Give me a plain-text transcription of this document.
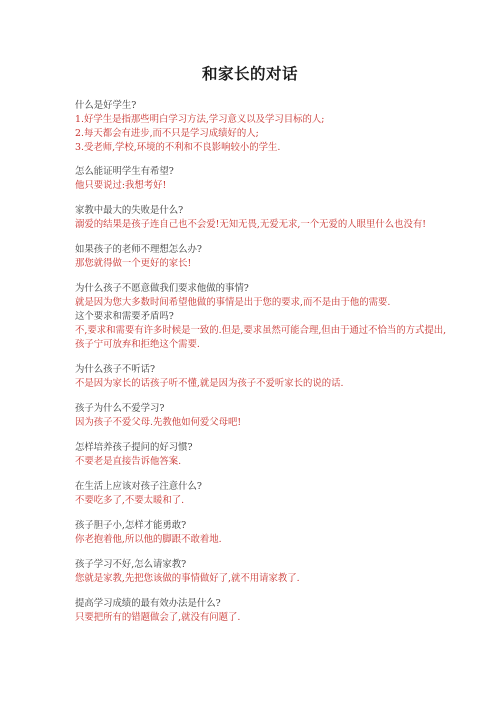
和家长的对话
什么是好学生?
1.好学生是指那些明白学习方法,学习意义以及学习目标的人;
2.每天都会有进步,而不只是学习成绩好的人;
3.受老师,学校,环境的不利和不良影响较小的学生.
怎么能证明学生有希望?
他只要说过:我想考好!
家教中最大的失败是什么?
溺爱的结果是孩子连自己也不会爱!无知无畏,无爱无求,一个无爱的人眼里什么也没有!
如果孩子的老师不理想怎么办?
那您就得做一个更好的家长!
为什么孩子不愿意做我们要求他做的事情?
就是因为您大多数时间希望他做的事情是出于您的要求,而不是由于他的需要.
这个要求和需要矛盾吗?
不,要求和需要有许多时候是一致的.但是,要求虽然可能合理,但由于通过不恰当的方式提出,
孩子宁可放弃和拒绝这个需要.
为什么孩子不听话?
不是因为家长的话孩子听不懂,就是因为孩子不爱听家长的说的话.
孩子为什么不爱学习?
因为孩子不爱父母.先教他如何爱父母吧!
怎样培养孩子提问的好习惯?
不要老是直接告诉他答案.
在生活上应该对孩子注意什么?
不要吃多了,不要太暖和了.
孩子胆子小,怎样才能勇敢?
你老抱着他,所以他的脚跟不敢着地.
孩子学习不好,怎么请家教?
您就是家教,先把您该做的事情做好了,就不用请家教了.
提高学习成绩的最有效办法是什么?
只要把所有的错题做会了,就没有问题了.
